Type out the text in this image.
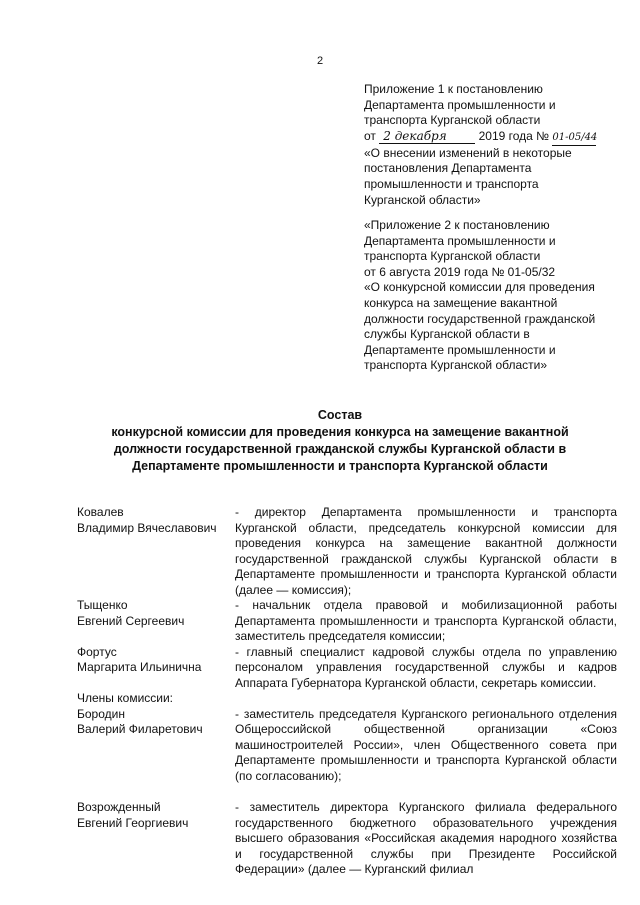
2
Приложение 1 к постановлению
Департамента промышленности и
транспорта Курганской области
от 2 декабря	2019 года № 01-05/44
«О внесении изменений в некоторые
постановления Департамента
промышленности и транспорта
Курганской области»
«Приложение 2 к постановлению
Департамента промышленности и
транспорта Курганской области
от 6 августа 2019 года № 01-05/32
«О конкурсной комиссии для проведения
конкурса на замещение вакантной
должности государственной гражданской
службы Курганской области в
Департаменте промышленности и
транспорта Курганской области»
Состав
конкурсной комиссии для проведения конкурса на замещение вакантной
должности государственной гражданской службы Курганской области в
Департаменте промышленности и транспорта Курганской области
Ковалев
Владимир Вячеславович
- директор Департамента промышленности и транспорта Курганской области, председатель конкурсной комиссии для проведения конкурса на замещение вакантной должности государственной гражданской службы Курганской области в Департаменте промышленности и транспорта Курганской области (далее — комиссия);
Тыщенко
Евгений Сергеевич
- начальник отдела правовой и мобилизационной работы Департамента промышленности и транспорта Курганской области, заместитель председателя комиссии;
Фортус
Маргарита Ильинична
- главный специалист кадровой службы отдела по управлению персоналом управления государственной службы и кадров Аппарата Губернатора Курганской области, секретарь комиссии.
Члены комиссии:
Бородин
Валерий Филаретович
- заместитель председателя Курганского регионального отделения Общероссийской общественной организации «Союз машиностроителей России», член Общественного совета при Департаменте промышленности и транспорта Курганской области (по согласованию);
Возрожденный
Евгений Георгиевич
- заместитель директора Курганского филиала федерального государственного бюджетного образовательного учреждения высшего образования «Российская академия народного хозяйства и государственной службы при Президенте Российской Федерации» (далее — Курганский филиал
